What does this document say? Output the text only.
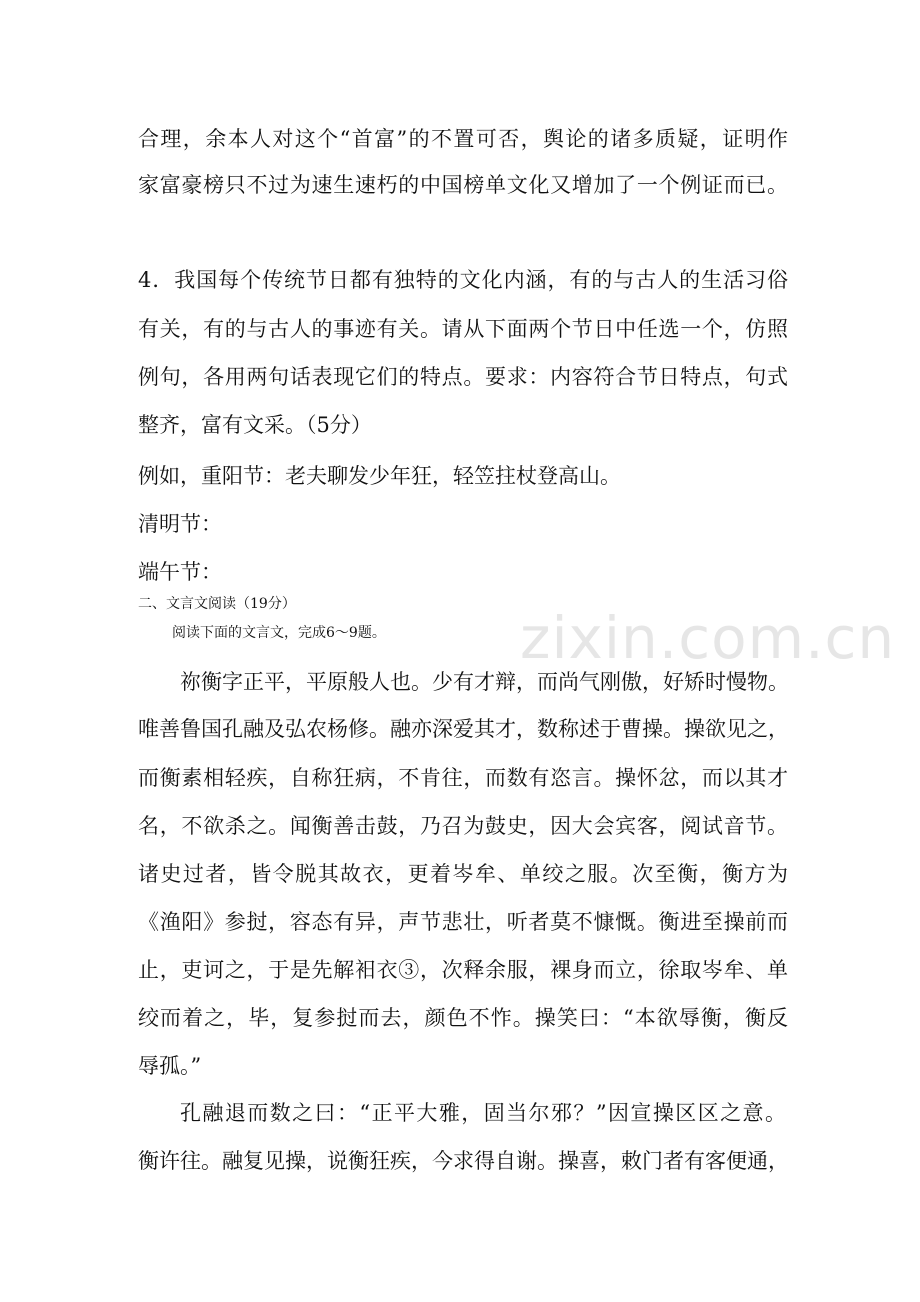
zixin.com.cn
合理，余本人对这个“首富”的不置可否，舆论的诸多质疑，证明作
家富豪榜只不过为速生速朽的中国榜单文化又增加了一个例证而已。
4．我国每个传统节日都有独特的文化内涵，有的与古人的生活习俗
有关，有的与古人的事迹有关。请从下面两个节日中任选一个，仿照
例句，各用两句话表现它们的特点。要求：内容符合节日特点，句式
整齐，富有文采。（5分）
例如，重阳节：老夫聊发少年狂，轻笠拄杖登高山。
清明节：
端午节：
二、文言文阅读（19分）
阅读下面的文言文，完成6～9题。
祢衡字正平，平原般人也。少有才辩，而尚气刚傲，好矫时慢物。
唯善鲁国孔融及弘农杨修。融亦深爱其才，数称述于曹操。操欲见之，
而衡素相轻疾，自称狂病，不肯往，而数有恣言。操怀忿，而以其才
名，不欲杀之。闻衡善击鼓，乃召为鼓史，因大会宾客，阅试音节。
诸史过者，皆令脱其故衣，更着岑牟、单绞之服。次至衡，衡方为
《渔阳》参挝，容态有异，声节悲壮，听者莫不慷慨。衡进至操前而
止，吏诃之，于是先解衵衣③，次释余服，裸身而立，徐取岑牟、单
绞而着之，毕，复参挝而去，颜色不怍。操笑曰：“本欲辱衡，衡反
辱孤。”
孔融退而数之曰：“正平大雅，固当尔邪？”因宣操区区之意。
衡许往。融复见操，说衡狂疾，今求得自谢。操喜，敕门者有客便通，
